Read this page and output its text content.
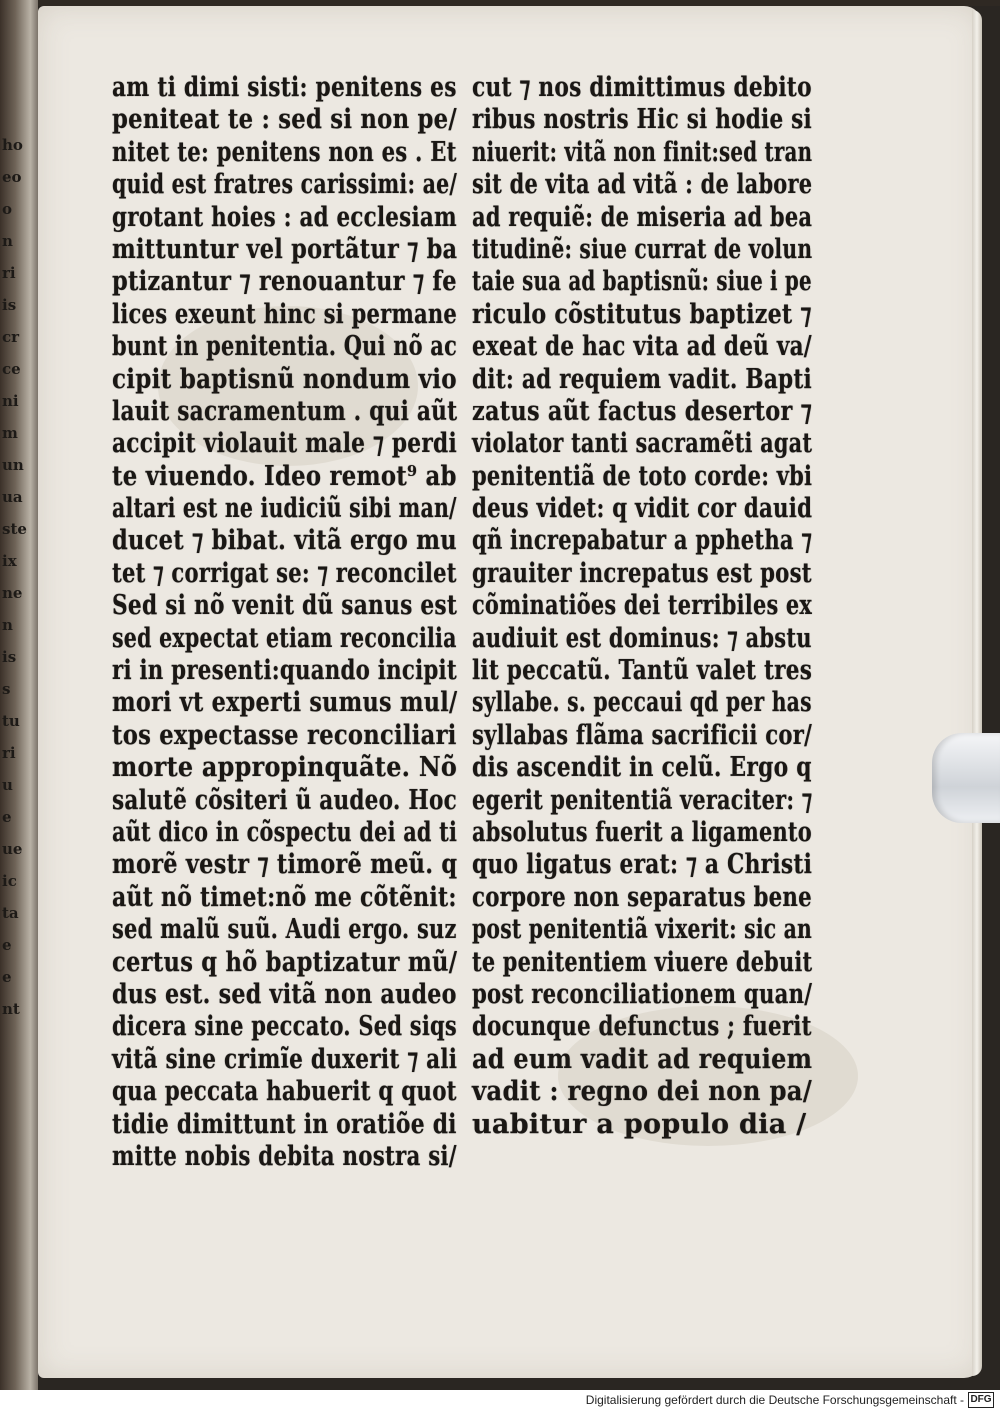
ho
eo
o
n
ri
is
cr
ce
ni
m
un
ua
ste
ix
ne
n
is
s
tu
ri
u
e
ue
ic
ta
e
e
nt
am ti dimi sisti: penitens es
peniteat te : sed si non pe/
nitet te: penitens non es . Et
quid est fratres carissimi: ae/
grotant hoies : ad ecclesiam
mittuntur vel portãtur ⁊ ba
ptizantur ⁊ renouantur ⁊ fe
lices exeunt hinc si permane
bunt in penitentia. Qui nõ ac
cipit baptisnũ nondum vio
lauit sacramentum . qui aũt
accipit violauit male ⁊ perdi
te viuendo. Ideo remot⁹ ab
altari est ne iudiciũ sibi man/
ducet ⁊ bibat. vitã ergo mu
tet ⁊ corrigat se: ⁊ reconcilet
Sed si nõ venit dũ sanus est
sed expectat etiam reconcilia
ri in presenti:quando incipit
mori vt experti sumus mul/
tos expectasse reconciliari
morte appropinquãte. Nõ
salutẽ cõsiteri ũ audeo. Hoc
aũt dico in cõspectu dei ad ti
morẽ vestr ⁊ timorẽ meũ. q
aũt nõ timet:nõ me cõtẽnit:
sed malũ suũ. Audi ergo. suz
certus q hõ baptizatur mũ/
dus est. sed vitã non audeo
dicera sine peccato. Sed siqs
vitã sine crimĩe duxerit ⁊ ali
qua peccata habuerit q quot
tidie dimittunt in oratiõe di
mitte nobis debita nostra si/
cut ⁊ nos dimittimus debito
ribus nostris Hic si hodie si
niuerit: vitã non finit:sed tran
sit de vita ad vitã : de labore
ad requiẽ: de miseria ad bea
titudinẽ: siue currat de volun
taie sua ad baptisnũ: siue i pe
riculo cõstitutus baptizet ⁊
exeat de hac vita ad deũ va/
dit: ad requiem vadit. Bapti
zatus aũt factus desertor ⁊
violator tanti sacramẽti agat
penitentiã de toto corde: vbi
deus videt: q vidit cor dauid
qñ increpabatur a pphetha ⁊
grauiter increpatus est post
cõminatiões dei terribiles ex
audiuit est dominus: ⁊ abstu
lit peccatũ. Tantũ valet tres
syllabe. s. peccaui qd per has
syllabas flãma sacrificii cor/
dis ascendit in celũ. Ergo q
egerit penitentiã veraciter: ⁊
absolutus fuerit a ligamento
quo ligatus erat: ⁊ a Christi
corpore non separatus bene
post penitentiã vixerit: sic an
te penitentiem viuere debuit
post reconciliationem quan/
docunque defunctus ; fuerit
ad eum vadit ad requiem
vadit : regno dei non pa/
uabitur a populo dia /
Digitalisierung gefördert durch die Deutsche Forschungsgemeinschaft - DFG
